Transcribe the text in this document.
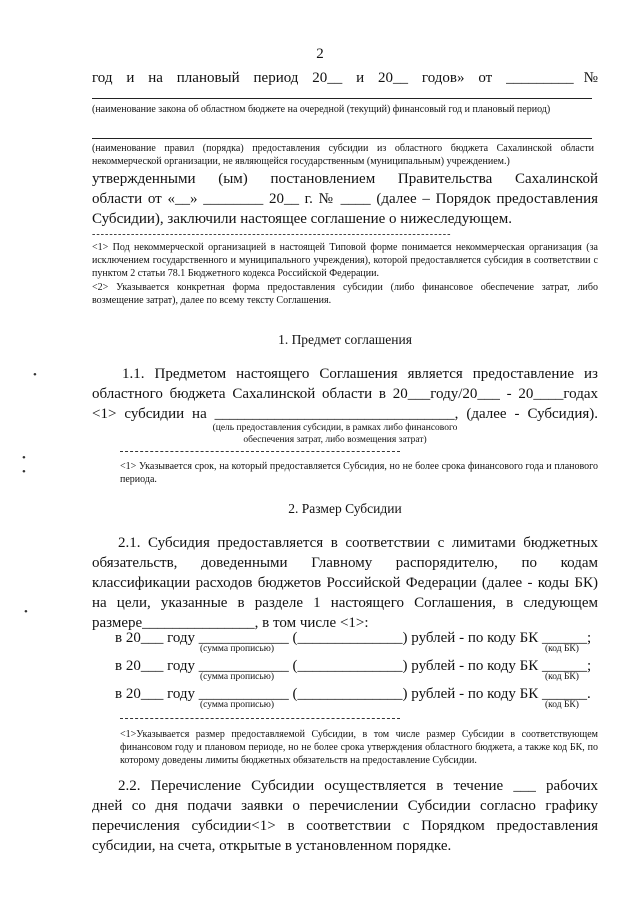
2
год и на плановый период 20__ и 20__ годов» от _________№
(наименование закона об областном бюджете на очередной (текущий) финансовый год и плановый период)
(наименование правил (порядка) предоставления субсидии из областного бюджета Сахалинской области некоммерческой организации, не являющейся государственным (муниципальным) учреждением.)
утвержденными (ым) постановлением Правительства Сахалинской
области от «__» ________ 20__ г. № ____ (далее – Порядок предоставления
Субсидии), заключили настоящее соглашение о нижеследующем.
-----------------------------------------------------------------------------------
<1> Под некоммерческой организацией в настоящей Типовой форме понимается некоммерческая организация (за исключением государственного и муниципального учреждения), которой предоставляется субсидия в соответствии с пунктом 2 статьи 78.1 Бюджетного кодекса Российской Федерации.
<2> Указывается конкретная форма предоставления субсидии (либо финансовое обеспечение затрат, либо возмещение затрат), далее по всему тексту Соглашения.
1. Предмет соглашения
1.1. Предметом настоящего Соглашения является предоставление из
областного бюджета Сахалинской области в 20___году/20___ - 20____годах
<1> субсидии на ________________________________, (далее - Субсидия).
(цель предоставления субсидии, в рамках либо финансового обеспечения затрат, либо возмещения затрат)
<1> Указывается срок, на который предоставляется Субсидия, но не более срока финансового года и планового периода.
2. Размер Субсидии
2.1. Субсидия предоставляется в соответствии с лимитами бюджетных
обязательств, доведенными Главному распорядителю, по кодам
классификации расходов бюджетов Российской Федерации (далее - коды БК)
на цели, указанные в разделе 1 настоящего Соглашения, в следующем
размере_______________, в том числе <1>:
в 20___ году ____________ (______________) рублей - по коду БК ______;
(сумма прописью)	(код БК)
в 20___ году ____________ (______________) рублей - по коду БК ______;
(сумма прописью)	(код БК)
в 20___ году ____________ (______________) рублей - по коду БК ______.
(сумма прописью)	(код БК)
<1>Указывается размер предоставляемой Субсидии, в том числе размер Субсидии в соответствующем финансовом году и плановом периоде, но не более срока утверждения областного бюджета, а также код БК, по которому доведены лимиты бюджетных обязательств на предоставление Субсидии.
2.2. Перечисление Субсидии осуществляется в течение ___ рабочих
дней со дня подачи заявки о перечислении Субсидии согласно графику
перечисления субсидии<1> в соответствии с Порядком предоставления
субсидии, на счета, открытые в установленном порядке.
•
•
•
•
